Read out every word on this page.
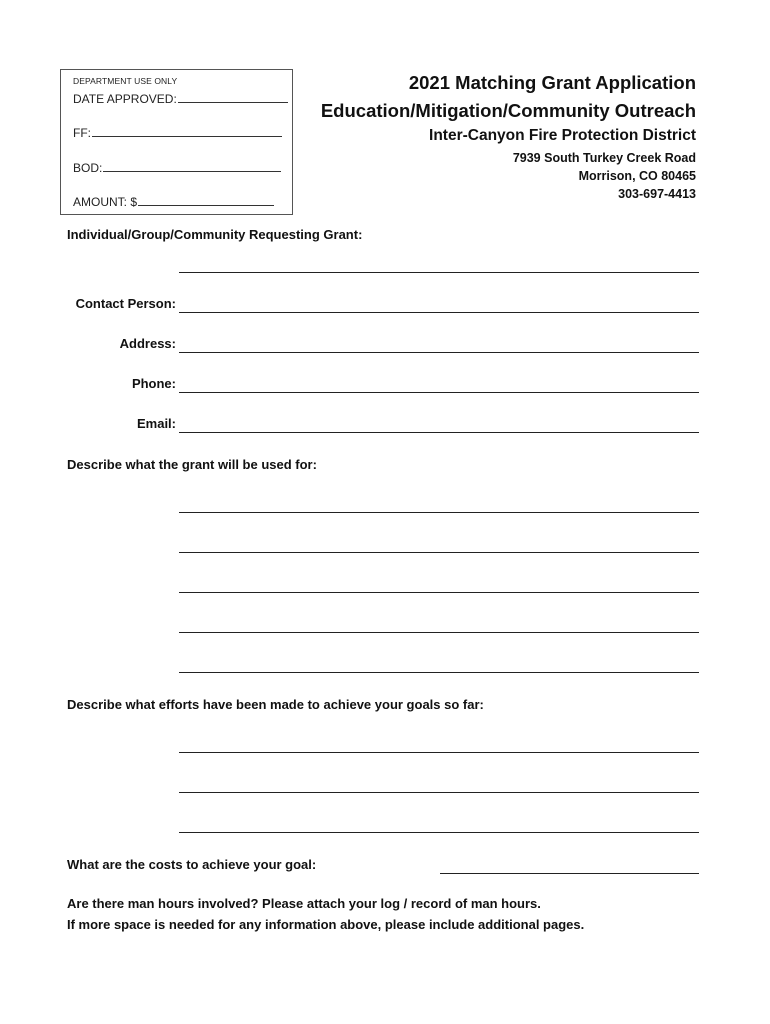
DEPARTMENT USE ONLY
DATE APPROVED:
FF:
BOD:
AMOUNT: $
2021 Matching Grant Application
Education/Mitigation/Community Outreach
Inter-Canyon Fire Protection District
7939 South Turkey Creek Road
Morrison, CO 80465
303-697-4413
Individual/Group/Community Requesting Grant:
Contact Person:
Address:
Phone:
Email:
Describe what the grant will be used for:
Describe what efforts have been made to achieve your goals so far:
What are the costs to achieve your goal:
Are there man hours involved? Please attach your log / record of man hours.
If more space is needed for any information above, please include additional pages.
